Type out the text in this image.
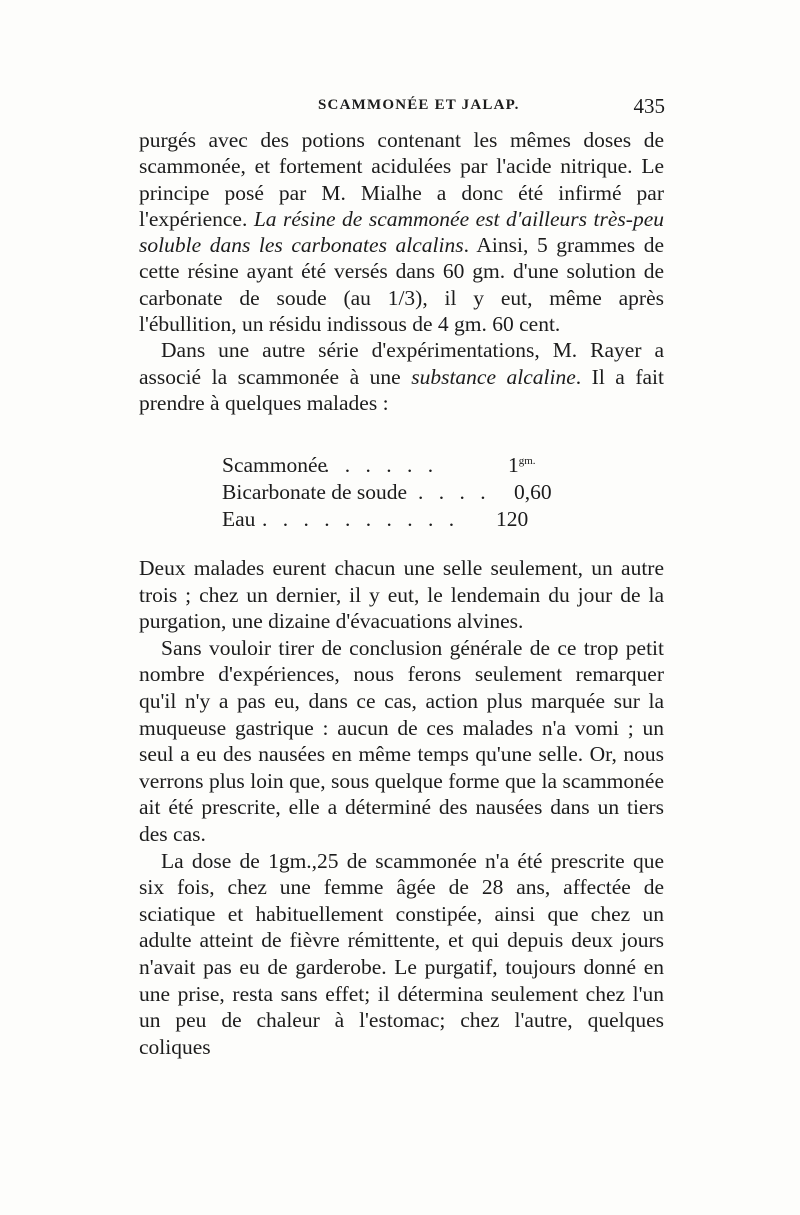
SCAMMONÉE ET JALAP.	435

purgés avec des potions contenant les mêmes doses de scammonée, et fortement acidulées par l'acide nitrique. Le principe posé par M. Mialhe a donc été infirmé par l'expérience. La résine de scammonée est d'ailleurs très-peu soluble dans les carbonates alcalins. Ainsi, 5 grammes de cette résine ayant été versés dans 60 gm. d'une solution de carbonate de soude (au 1/3), il y eut, même après l'ébullition, un résidu indissous de 4 gm. 60 cent.

Dans une autre série d'expérimentations, M. Rayer a associé la scammonée à une substance alcaline. Il a fait prendre à quelques malades :

Scammonée
. . . . . .	$1^{gm.}$
Bicarbonate de soude . . . . 0,60
Eau . . . . . . . . . . 120

Deux malades eurent chacun une selle seulement, un autre trois ; chez un dernier, il y eut, le lendemain du jour de la purgation, une dizaine d'évacuations alvines.

Sans vouloir tirer de conclusion générale de ce trop petit nombre d'expériences, nous ferons seulement remarquer qu'il n'y a pas eu, dans ce cas, action plus marquée sur la muqueuse gastrique : aucun de ces malades n'a vomi ; un seul a eu des nausées en même temps qu'une selle. Or, nous verrons plus loin que, sous quelque forme que la scammonée ait été prescrite, elle a déterminé des nausées dans un tiers des cas.

La dose de 1gm.,25 de scammonée n'a été prescrite que six fois, chez une femme âgée de 28 ans, affectée de sciatique et habituellement constipée, ainsi que chez un adulte atteint de fièvre rémittente, et qui depuis deux jours n'avait pas eu de garderobe. Le purgatif, toujours donné en une prise, resta sans effet; il détermina seulement chez l'un un peu de chaleur à l'estomac; chez l'autre, quelques coliques
